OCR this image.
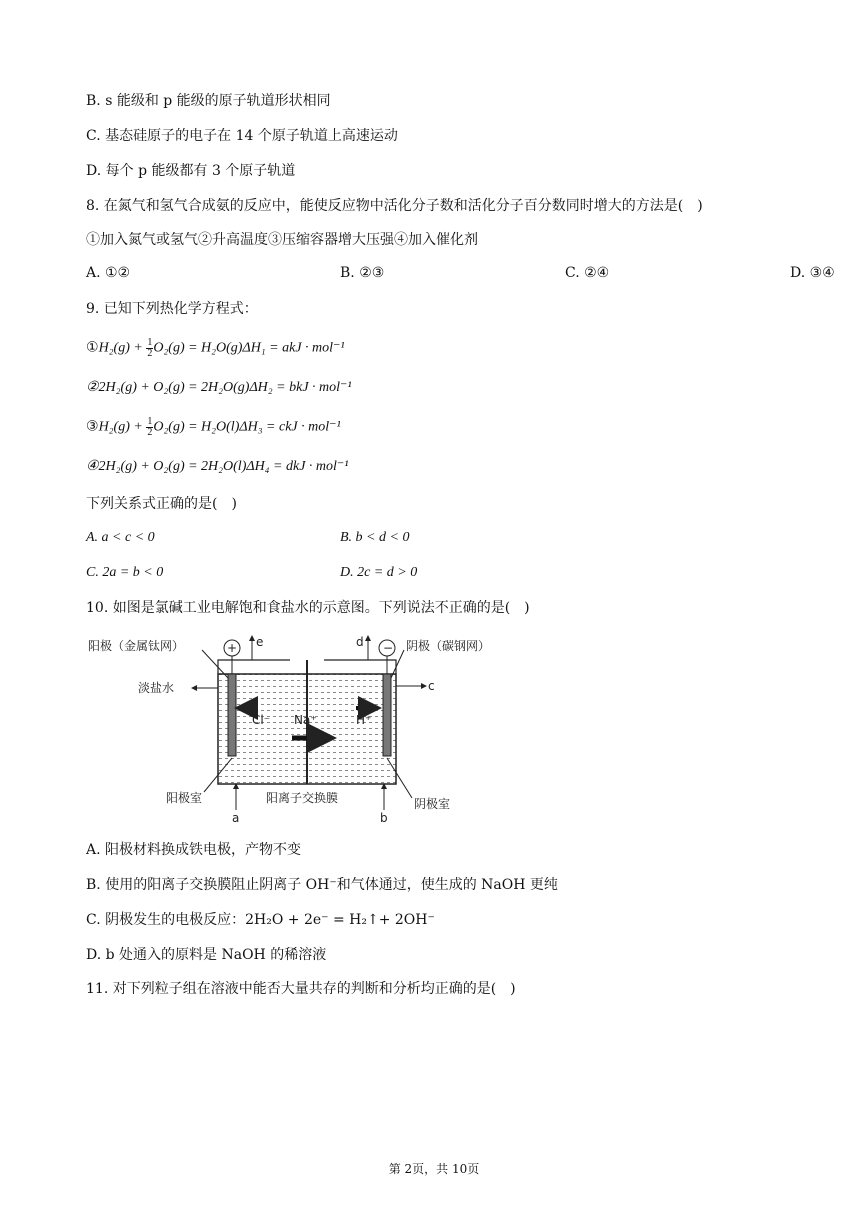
B. s 能级和 p 能级的原子轨道形状相同
C. 基态硅原子的电子在 14 个原子轨道上高速运动
D. 每个 p 能级都有 3 个原子轨道
8. 在氮气和氢气合成氨的反应中，能使反应物中活化分子数和活化分子百分数同时增大的方法是(　)
①加入氮气或氢气②升高温度③压缩容器增大压强④加入催化剂
A. ①②	B. ②③	C. ②④	D. ③④
9. 已知下列热化学方程式：
①H₂(g) + $\frac{1}{2} O_2(g) = H_2O(g)\Delta H_1$ = akJ · mol⁻¹
②2H₂(g) + O₂(g) = 2H₂O(g)ΔH₂ = bkJ · mol⁻¹
③H₂(g) + $\frac{1}{2} O_2(g) = H_2O(l)\Delta H_3$ = ckJ · mol⁻¹
④2H₂(g) + O₂(g) = 2H₂O(l)ΔH₄ = dkJ · mol⁻¹
下列关系式正确的是(　)
A. a < c < 0	B. b < d < 0
C. 2a = b < 0	D. 2c = d > 0
10. 如图是氯碱工业电解饱和食盐水的示意图。下列说法不正确的是(　)
+	−
e	d
淡盐水	c
a	b
Cl⁻ Na⁺	H⁺
阳极（金属钛网）	阴极（碳钢网）
阳极室	阳离子交换膜	阴极室
A. 阳极材料换成铁电极，产物不变
B. 使用的阳离子交换膜阻止阴离子 OH⁻和气体通过，使生成的 NaOH 更纯
C. 阴极发生的电极反应：2H₂O + 2e⁻ = H₂↑+ 2OH⁻
D. b 处通入的原料是 NaOH 的稀溶液
11. 对下列粒子组在溶液中能否大量共存的判断和分析均正确的是(　)
第 2页，共 10页
